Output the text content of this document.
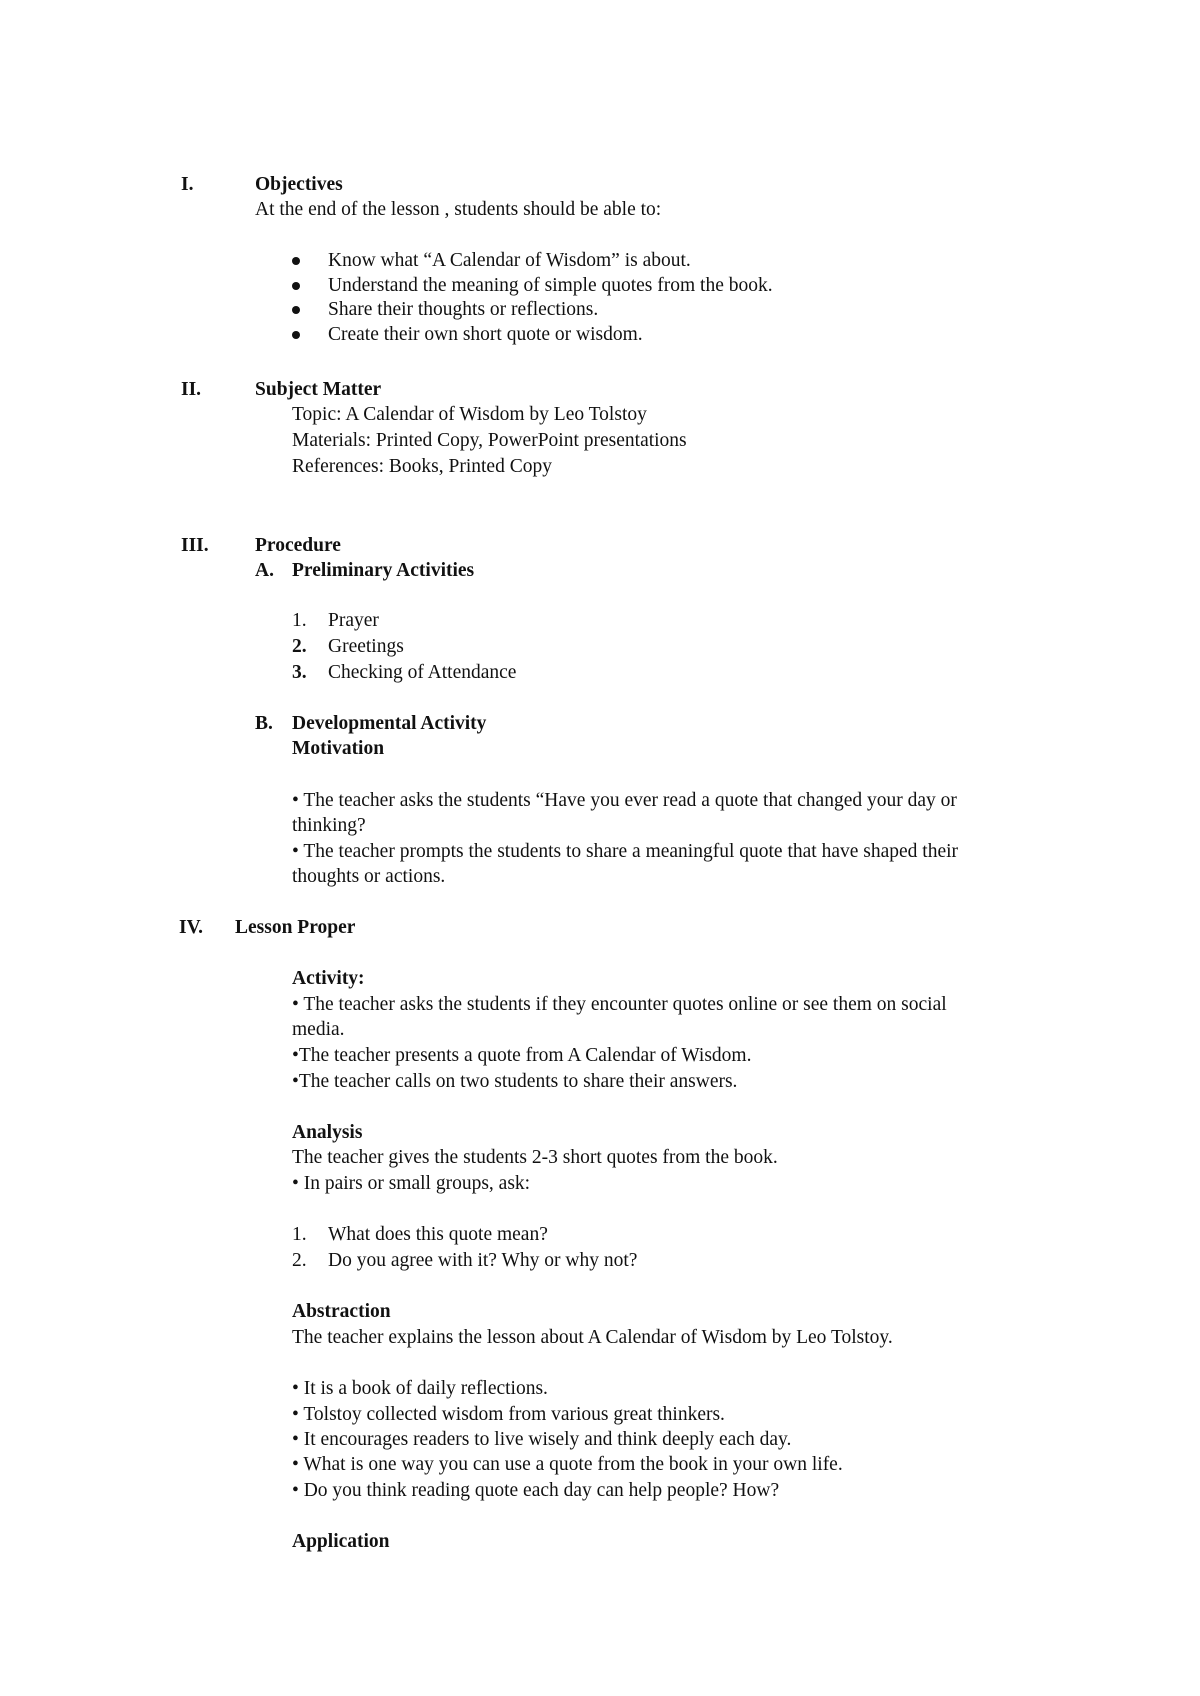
I.	Objectives
At the end of the lesson , students should be able to:
Know what “A Calendar of Wisdom” is about.
Understand the meaning of simple quotes from the book.
Share their thoughts or reflections.
Create their own short quote or wisdom.
II.	Subject Matter
Topic: A Calendar of Wisdom by Leo Tolstoy
Materials: Printed Copy, PowerPoint presentations
References: Books, Printed Copy
III. Procedure
A. Preliminary Activities
1. Prayer
2. Greetings
3. Checking of Attendance
B. Developmental Activity
Motivation
• The teacher asks the students “Have you ever read a quote that changed your day or
thinking?
• The teacher prompts the students to share a meaningful quote that have shaped their
thoughts or actions.
IV. Lesson Proper
Activity:
• The teacher asks the students if they encounter quotes online or see them on social
media.
•The teacher presents a quote from A Calendar of Wisdom.
•The teacher calls on two students to share their answers.
Analysis
The teacher gives the students 2-3 short quotes from the book.
• In pairs or small groups, ask:
1. What does this quote mean?
2. Do you agree with it? Why or why not?
Abstraction
The teacher explains the lesson about A Calendar of Wisdom by Leo Tolstoy.
• It is a book of daily reflections.
• Tolstoy collected wisdom from various great thinkers.
• It encourages readers to live wisely and think deeply each day.
• What is one way you can use a quote from the book in your own life.
• Do you think reading quote each day can help people? How?
Application
